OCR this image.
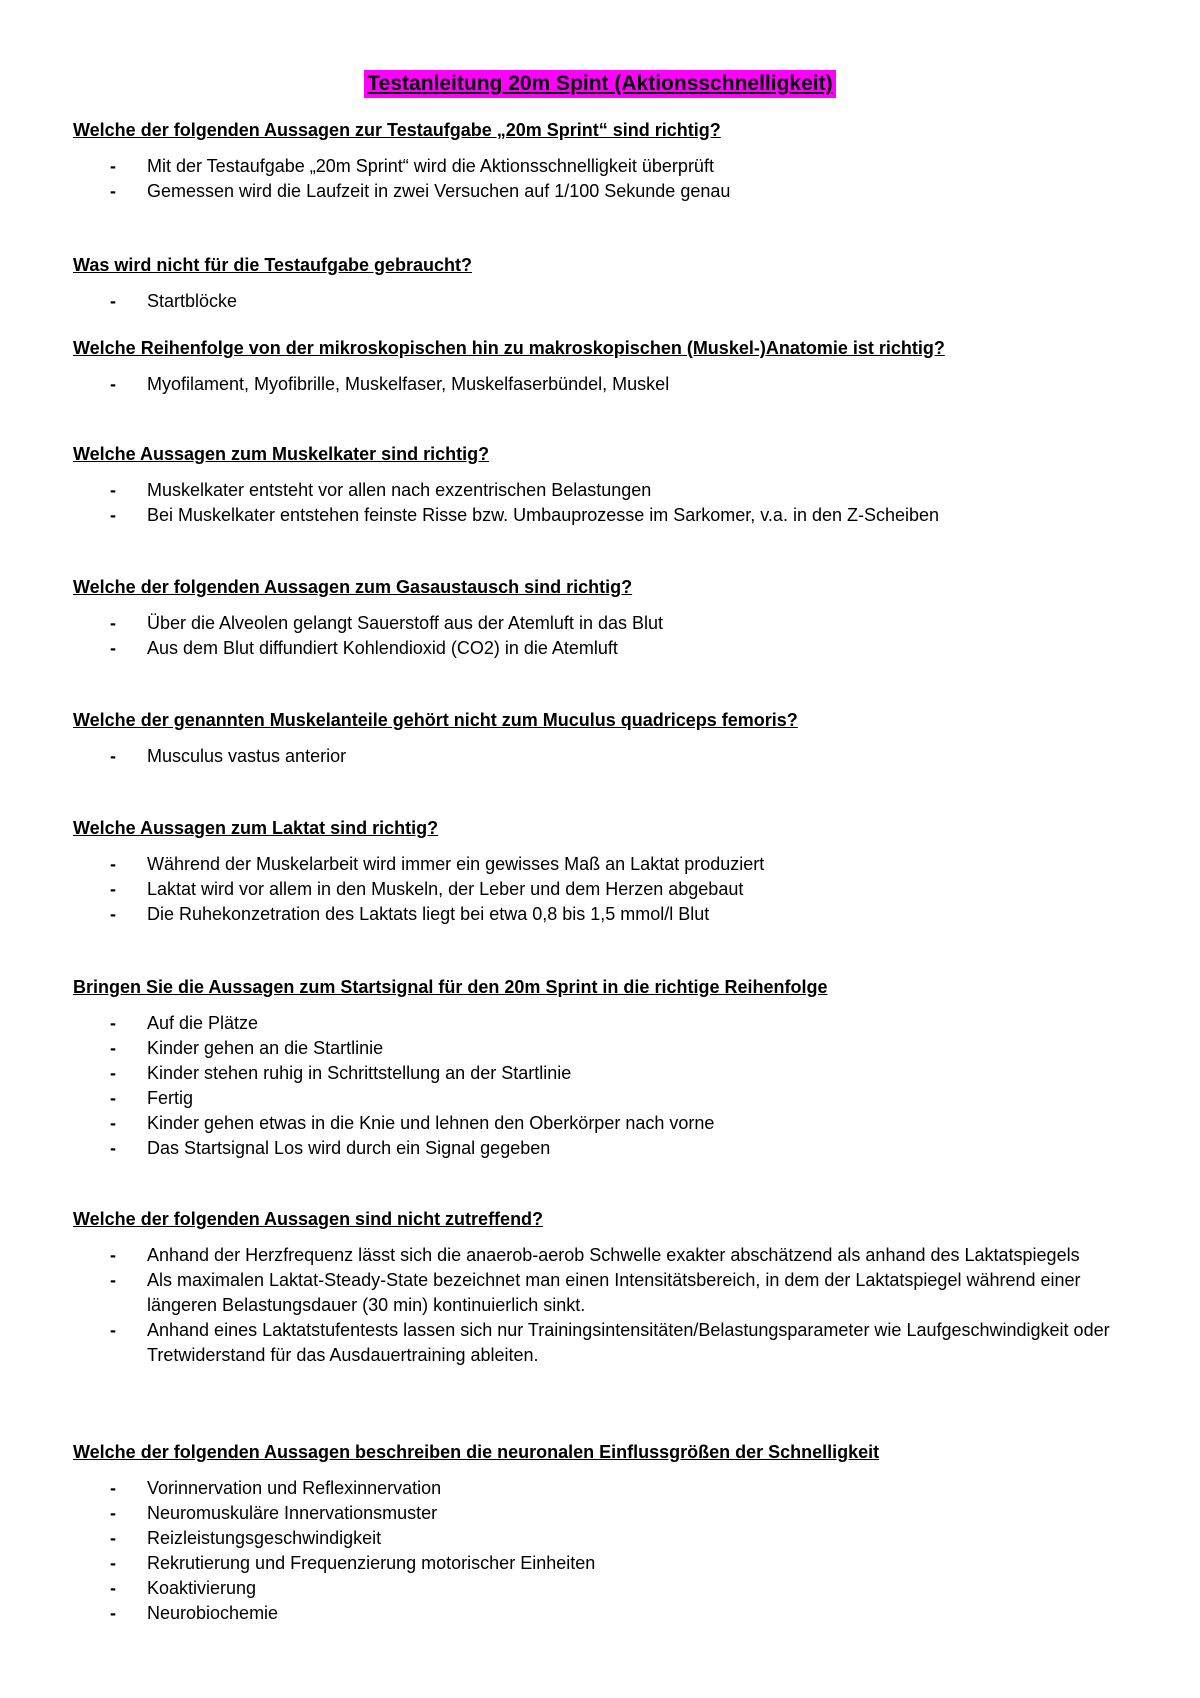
Testanleitung 20m Spint (Aktionsschnelligkeit)
Welche der folgenden Aussagen zur Testaufgabe „20m Sprint“ sind richtig?
- Mit der Testaufgabe „20m Sprint“ wird die Aktionsschnelligkeit überprüft
- Gemessen wird die Laufzeit in zwei Versuchen auf 1/100 Sekunde genau
Was wird nicht für die Testaufgabe gebraucht?
- Startblöcke
Welche Reihenfolge von der mikroskopischen hin zu makroskopischen (Muskel-)Anatomie ist richtig?
- Myofilament, Myofibrille, Muskelfaser, Muskelfaserbündel, Muskel
Welche Aussagen zum Muskelkater sind richtig?
- Muskelkater entsteht vor allen nach exzentrischen Belastungen
- Bei Muskelkater entstehen feinste Risse bzw. Umbauprozesse im Sarkomer, v.a. in den Z-Scheiben
Welche der folgenden Aussagen zum Gasaustausch sind richtig?
- Über die Alveolen gelangt Sauerstoff aus der Atemluft in das Blut
- Aus dem Blut diffundiert Kohlendioxid (CO2) in die Atemluft
Welche der genannten Muskelanteile gehört nicht zum Muculus quadriceps femoris?
- Musculus vastus anterior
Welche Aussagen zum Laktat sind richtig?
- Während der Muskelarbeit wird immer ein gewisses Maß an Laktat produziert
- Laktat wird vor allem in den Muskeln, der Leber und dem Herzen abgebaut
- Die Ruhekonzetration des Laktats liegt bei etwa 0,8 bis 1,5 mmol/l Blut
Bringen Sie die Aussagen zum Startsignal für den 20m Sprint in die richtige Reihenfolge
- Auf die Plätze
- Kinder gehen an die Startlinie
- Kinder stehen ruhig in Schrittstellung an der Startlinie
- Fertig
- Kinder gehen etwas in die Knie und lehnen den Oberkörper nach vorne
- Das Startsignal Los wird durch ein Signal gegeben
Welche der folgenden Aussagen sind nicht zutreffend?
- Anhand der Herzfrequenz lässt sich die anaerob-aerob Schwelle exakter abschätzend als anhand des Laktatspiegels
- Als maximalen Laktat-Steady-State bezeichnet man einen Intensitätsbereich, in dem der Laktatspiegel während einer längeren Belastungsdauer (30 min) kontinuierlich sinkt.
- Anhand eines Laktatstufentests lassen sich nur Trainingsintensitäten/Belastungsparameter wie Laufgeschwindigkeit oder Tretwiderstand für das Ausdauertraining ableiten.
Welche der folgenden Aussagen beschreiben die neuronalen Einflussgrößen der Schnelligkeit
- Vorinnervation und Reflexinnervation
- Neuromuskuläre Innervationsmuster
- Reizleistungsgeschwindigkeit
- Rekrutierung und Frequenzierung motorischer Einheiten
- Koaktivierung
- Neurobiochemie
